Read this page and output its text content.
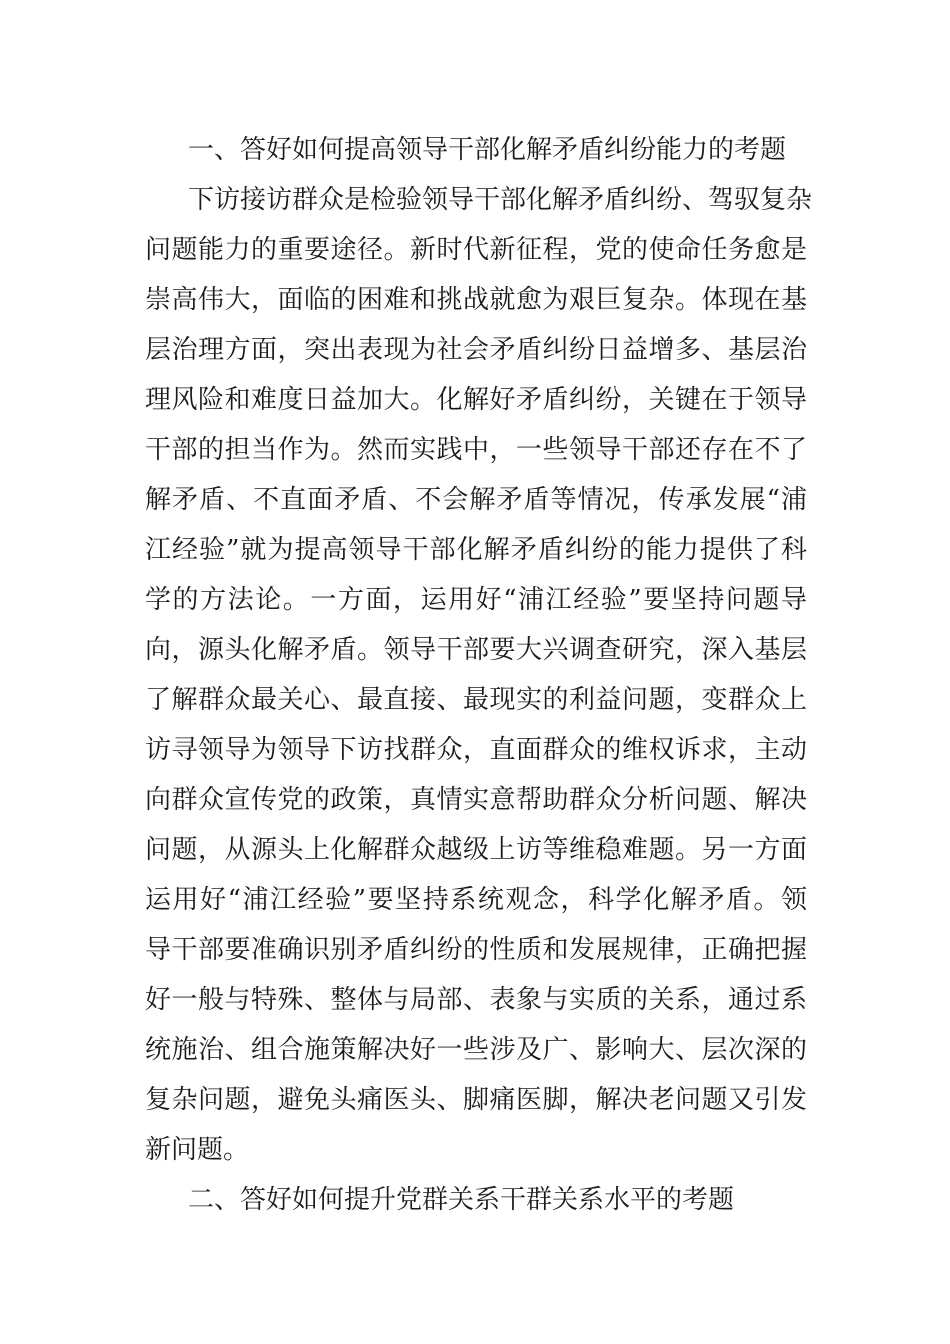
一、答好如何提高领导干部化解矛盾纠纷能力的考题
下访接访群众是检验领导干部化解矛盾纠纷、驾驭复杂
问题能力的重要途径。新时代新征程，党的使命任务愈是
崇高伟大，面临的困难和挑战就愈为艰巨复杂。体现在基
层治理方面，突出表现为社会矛盾纠纷日益增多、基层治
理风险和难度日益加大。化解好矛盾纠纷，关键在于领导
干部的担当作为。然而实践中，一些领导干部还存在不了
解矛盾、不直面矛盾、不会解矛盾等情况，传承发展“浦
江经验”就为提高领导干部化解矛盾纠纷的能力提供了科
学的方法论。一方面，运用好“浦江经验”要坚持问题导
向，源头化解矛盾。领导干部要大兴调查研究，深入基层
了解群众最关心、最直接、最现实的利益问题，变群众上
访寻领导为领导下访找群众，直面群众的维权诉求，主动
向群众宣传党的政策，真情实意帮助群众分析问题、解决
问题，从源头上化解群众越级上访等维稳难题。另一方面
运用好“浦江经验”要坚持系统观念，科学化解矛盾。领
导干部要准确识别矛盾纠纷的性质和发展规律，正确把握
好一般与特殊、整体与局部、表象与实质的关系，通过系
统施治、组合施策解决好一些涉及广、影响大、层次深的
复杂问题，避免头痛医头、脚痛医脚，解决老问题又引发
新问题。
二、答好如何提升党群关系干群关系水平的考题
